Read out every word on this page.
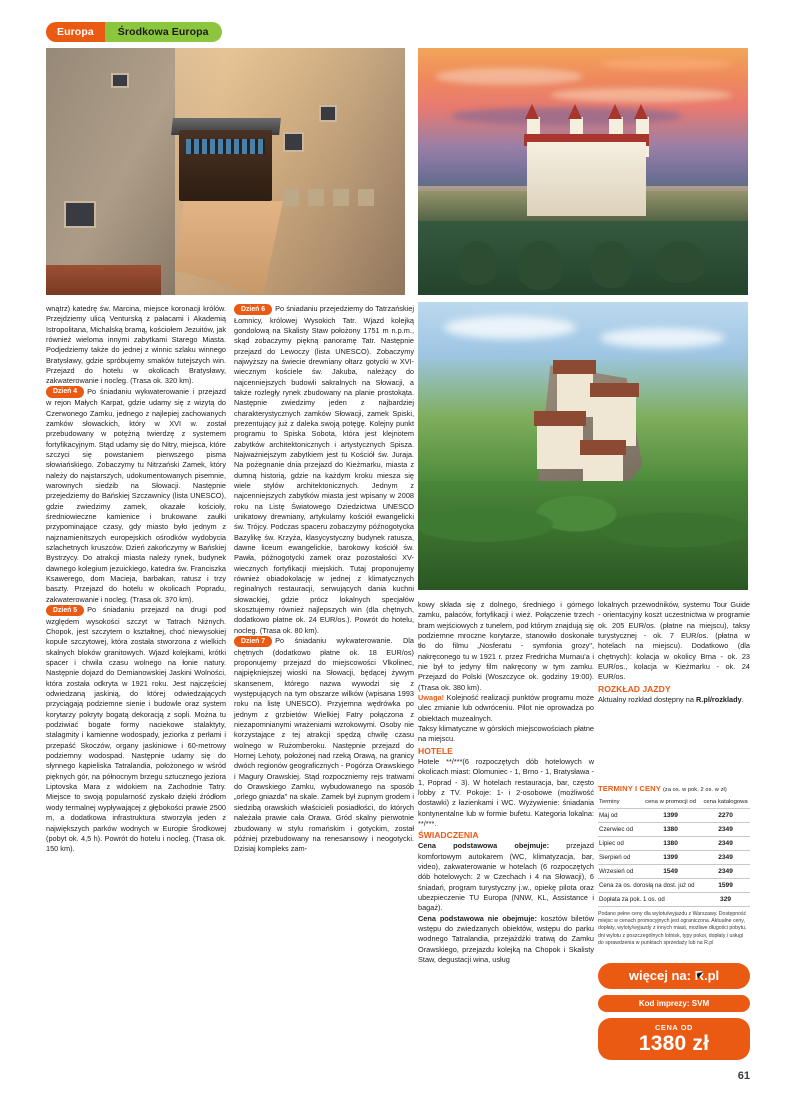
Europa	Środkowa Europa

wnątrz) katedrę św. Marcina, miejsce koronacji królów. Przejdziemy ulicą Venturską z pałacami i Akademią Istropolitana, Michalską bramą, kościołem Jezuitów, jak również wieloma innymi zabytkami Starego Miasta. Podjedziemy także do jednej z winnic szlaku winnego Bratysławy, gdzie spróbujemy smaków tutejszych win. Przejazd do hotelu w okolicach Bratysławy, zakwaterowanie i nocleg. (Trasa ok. 320 km).

Dzień 4 Po śniadaniu wykwaterowanie i przejazd w rejon Małych Karpat, gdzie udamy się z wizytą do Czerwonego Zamku, jednego z najlepiej zachowanych zamków słowackich, który w XVI w. został przebudowany w potężną twierdzę z systemem fortyfikacyjnym. Stąd udamy się do Nitry, miejsca, które szczyci się powstaniem pierwszego pisma słowiańskiego. Zobaczymy tu Nitrzański Zamek, który należy do najstarszych, udokumentowanych pisemnie, warownych siedzib na Słowacji. Następnie przejedziemy do Bańskiej Szczawnicy (lista UNESCO), gdzie zwiedzimy zamek, okazałe kościoły, średniowieczne kamienice i brukowane zaułki przypominające czasy, gdy miasto było jednym z najznamienitszych europejskich ośrodków wydobycia szlachetnych kruszców. Dzień zakończymy w Bańskiej Bystrzycy. Do atrakcji miasta należy rynek, budynek dawnego kolegium jezuickiego, katedra św. Franciszka Ksawerego, dom Macieja, barbakan, ratusz i trzy baszty. Przejazd do hotelu w okolicach Popradu, zakwaterowanie i nocleg. (Trasa ok. 370 km).

Dzień 5 Po śniadaniu przejazd na drugi pod względem wysokości szczyt w Tatrach Niżnych. Chopok, jest szczytem o kształtnej, choć niewysokiej kopule szczytowej, która została stworzona z wielkich skalnych bloków granitowych. Wjazd kolejkami, krótki spacer i chwila czasu wolnego na łonie natury. Następnie dojazd do Demianowskiej Jaskini Wolności, która została odkryta w 1921 roku. Jest najczęściej odwiedzaną jaskinią, do której odwiedzających przyciągają podziemne sienie i budowle oraz system korytarzy pokryty bogatą dekoracją z sopli. Można tu podziwiać bogate formy naciekowe stalaktyty, stalagmity i kamienne wodospady, jeziorka z perłami i przepaść Skoczów, organy jaskiniowe i 60-metrowy podziemny wodospad. Następnie udamy się do słynnego kąpieliska Tatralandia, położonego w wśród pięknych gór, na północnym brzegu sztucznego jeziora Liptovska Mara z widokiem na Zachodnie Tatry. Miejsce to swoją popularność zyskało dzięki źródłom wody termalnej wypływającej z głębokości prawie 2500 m, a dodatkowa infrastruktura stworzyła jeden z największych parków wodnych w Europie Środkowej (pobyt ok. 4,5 h). Powrót do hotelu i nocleg. (Trasa ok. 150 km).

Dzień 6 Po śniadaniu przejedziemy do Tatrzańskiej Łomnicy, królowej Wysokich Tatr. Wjazd kolejką gondolową na Skalisty Staw położony 1751 m n.p.m., skąd zobaczymy piękną panoramę Tatr. Następnie przejazd do Lewoczy (lista UNESCO). Zobaczymy najwyższy na świecie drewniany ołtarz gotycki w XVI-wiecznym kościele św. Jakuba, należący do najcenniejszych budowli sakralnych na Słowacji, a także rozległy rynek zbudowany na planie prostokąta. Następnie zwiedzimy jeden z najbardziej charakterystycznych zamków Słowacji, zamek Spiski, prezentujący już z daleka swoją potęgę. Kolejny punkt programu to Spiska Sobota, która jest klejnotem zabytków architektonicznych i artystycznych Spisza. Najważniejszym zabytkiem jest tu Kościół św. Juraja. Na pożegnanie dnia przejazd do Kieżmarku, miasta z dumną historią, gdzie na każdym kroku miesza się wiele stylów architektonicznych. Jednym z najcenniejszych zabytków miasta jest wpisany w 2008 roku na Listę Światowego Dziedzictwa UNESCO unikatowy drewniany, artykularny kościół ewangelicki św. Trójcy. Podczas spaceru zobaczymy późnogotycka Bazylikę św. Krzyża, klasycystyczny budynek ratusza, dawne liceum ewangelickie, barokowy kościół św. Pawła, późnogotycki zamek oraz pozostałości XV-wiecznych fortyfikacji miejskich. Tutaj proponujemy również obiadokolację w jednej z klimatycznych reginalnych restauracji, serwujących dania kuchni słowackiej, gdzie prócz lokalnych specjałów skosztujemy również najlepszych win (dla chętnych, dodatkowo płatne ok. 24 EUR/os.). Powrót do hotelu, nocleg. (Trasa ok. 80 km).

Dzień 7 Po śniadaniu wykwaterowanie. Dla chętnych (dodatkowo płatne ok. 18 EUR/os) proponujemy przejazd do miejscowości Vlkolinec, najpiękniejszej wioski na Słowacji, będącej żywym skansenem, którego nazwa wywodzi się z występujących na tym obszarze wilków (wpisana 1993 roku na listę UNESCO). Przyjemna wędrówka po jednym z grzbietów Wielkiej Fatry połączona z niezapomnianymi wrażeniami wzrokowymi. Osoby nie korzystające z tej atrakcji spędzą chwilę czasu wolnego w Rużomberoku. Następnie przejazd do Hornej Lehoty, położonej nad rzeką Orawą, na granicy dwóch regionów geograficznych - Pogórza Orawskiego i Magury Orawskiej. Stąd rozpoczniemy rejs tratwami do Orawskiego Zamku, wybudowanego na sposób „orlego gniazda" na skale. Zamek był żupnym grodem i siedzibą orawskich właścicieli posiadłości, do których należała prawie cała Orawa. Gród skalny pierwotnie zbudowany w stylu romańskim i gotyckim, został później przebudowany na renesansowy i neogotycki. Dzisiaj kompleks zam-

kowy składa się z dolnego, średniego i górnego zamku, pałaców, fortyfikacji i wież. Połączenie trzech bram wejściowych z tunelem, pod którym znajdują się podziemne mroczne korytarze, stanowiło doskonałe tło do filmu „Nosferatu - symfonia grozy", nakręconego tu w 1921 r. przez Fredricha Murnau'a i nie był to jedyny film nakręcony w tym zamku. Przejazd do Polski (Woszczyce ok. godziny 19:00). (Trasa ok. 380 km).

Uwaga! Kolejność realizacji punktów programu może ulec zmianie lub odwróceniu. Pilot nie oprowadza po obiektach muzealnych.

Taksy klimatyczne w górskich miejscowościach płatne na miejscu.

HOTELE

Hotele **/***(6 rozpoczętych dób hotelowych w okolicach miast: Olomuniec - 1, Brno - 1, Bratysława - 1, Poprad - 3). W hotelach restauracja, bar, często lobby z TV. Pokoje: 1- i 2-osobowe (możliwość dostawki) z łazienkami i WC. Wyżywienie: śniadania kontynentalne lub w formie bufetu. Kategoria lokalna: **/***.

ŚWIADCZENIA

Cena podstawowa obejmuje: przejazd komfortowym autokarem (WC, klimatyzacja, bar, video), zakwaterowanie w hotelach (6 rozpoczętych dób hotelowych: 2 w Czechach i 4 na Słowacji), 6 śniadań, program turystyczny j.w., opiekę pilota oraz ubezpieczenie TU Europa (NNW, KL, Assistance i bagaż).

Cena podstawowa nie obejmuje: kosztów biletów wstępu do zwiedzanych obiektów, wstępu do parku wodnego Tatralandia, przejażdżki tratwą do Zamku Orawskiego, przejazdu kolejką na Chopok i Skalisty Staw, degustacji wina, usług

lokalnych przewodników, systemu Tour Guide - orientacyjny koszt uczestnictwa w programie ok. 205 EUR/os. (płatne na miejscu), taksy turystycznej - ok. 7 EUR/os. (płatna w hotelach na miejscu). Dodatkowo (dla chętnych): kolacja w okolicy Brna - ok. 23 EUR/os., kolacja w Kieżmarku - ok. 24 EUR/os.

ROZKŁAD JAZDY

Aktualny rozkład dostępny na R.pl/rozklady.

TERMINY I CENY (za os. w pok. 2 os. w zł)
Terminy	cena w promocji od	cena katalogowa
Maj od	1399	2270
Czerwiec od	1380	2349
Lipiec od	1380	2349
Sierpień od	1399	2349
Wrzesień od	1549	2349
Cena za os. dorosłą na dost. już od		1599
Dopłata za pok. 1 os. od		329
Podano pełne ceny dla wylotu/wyjazdu z Warszawy. Dostępność miejsc w cenach promocyjnych jest ograniczona. Aktualne ceny, dopłaty, wyloty/wyjazdy z innych miast, możliwe długości pobytu, dni wylotu z poszczególnych lotnisk, typy pokoi, dopłaty i usługi do sprawdzenia w punktach sprzedaży lub na R.pl
więcej na: R.pl
Kod imprezy: SVM
CENA OD
1380 zł
61
